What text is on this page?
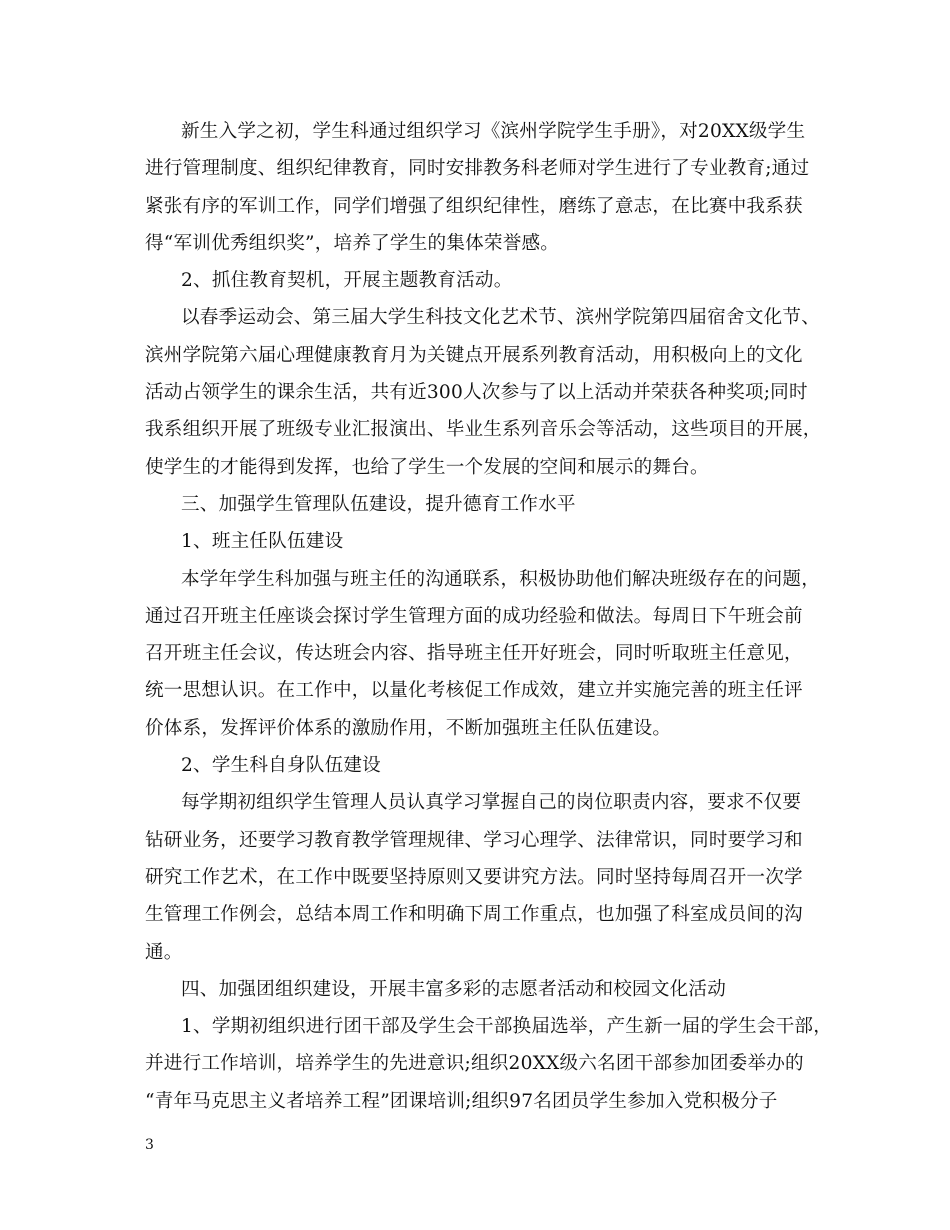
新生入学之初，学生科通过组织学习《滨州学院学生手册》，对20XX级学生
进行管理制度、组织纪律教育，同时安排教务科老师对学生进行了专业教育;通过
紧张有序的军训工作，同学们增强了组织纪律性，磨练了意志，在比赛中我系获
得“军训优秀组织奖”，培养了学生的集体荣誉感。
2、抓住教育契机，开展主题教育活动。
以春季运动会、第三届大学生科技文化艺术节、滨州学院第四届宿舍文化节、
滨州学院第六届心理健康教育月为关键点开展系列教育活动，用积极向上的文化
活动占领学生的课余生活，共有近300人次参与了以上活动并荣获各种奖项;同时
我系组织开展了班级专业汇报演出、毕业生系列音乐会等活动，这些项目的开展，
使学生的才能得到发挥，也给了学生一个发展的空间和展示的舞台。
三、加强学生管理队伍建设，提升德育工作水平
1、班主任队伍建设
本学年学生科加强与班主任的沟通联系，积极协助他们解决班级存在的问题，
通过召开班主任座谈会探讨学生管理方面的成功经验和做法。每周日下午班会前
召开班主任会议，传达班会内容、指导班主任开好班会，同时听取班主任意见，
统一思想认识。在工作中，以量化考核促工作成效，建立并实施完善的班主任评
价体系，发挥评价体系的激励作用，不断加强班主任队伍建设。
2、学生科自身队伍建设
每学期初组织学生管理人员认真学习掌握自己的岗位职责内容，要求不仅要
钻研业务，还要学习教育教学管理规律、学习心理学、法律常识，同时要学习和
研究工作艺术，在工作中既要坚持原则又要讲究方法。同时坚持每周召开一次学
生管理工作例会，总结本周工作和明确下周工作重点，也加强了科室成员间的沟
通。
四、加强团组织建设，开展丰富多彩的志愿者活动和校园文化活动
1、学期初组织进行团干部及学生会干部换届选举，产生新一届的学生会干部，
并进行工作培训，培养学生的先进意识;组织20XX级六名团干部参加团委举办的
“青年马克思主义者培养工程”团课培训;组织97名团员学生参加入党积极分子
3
